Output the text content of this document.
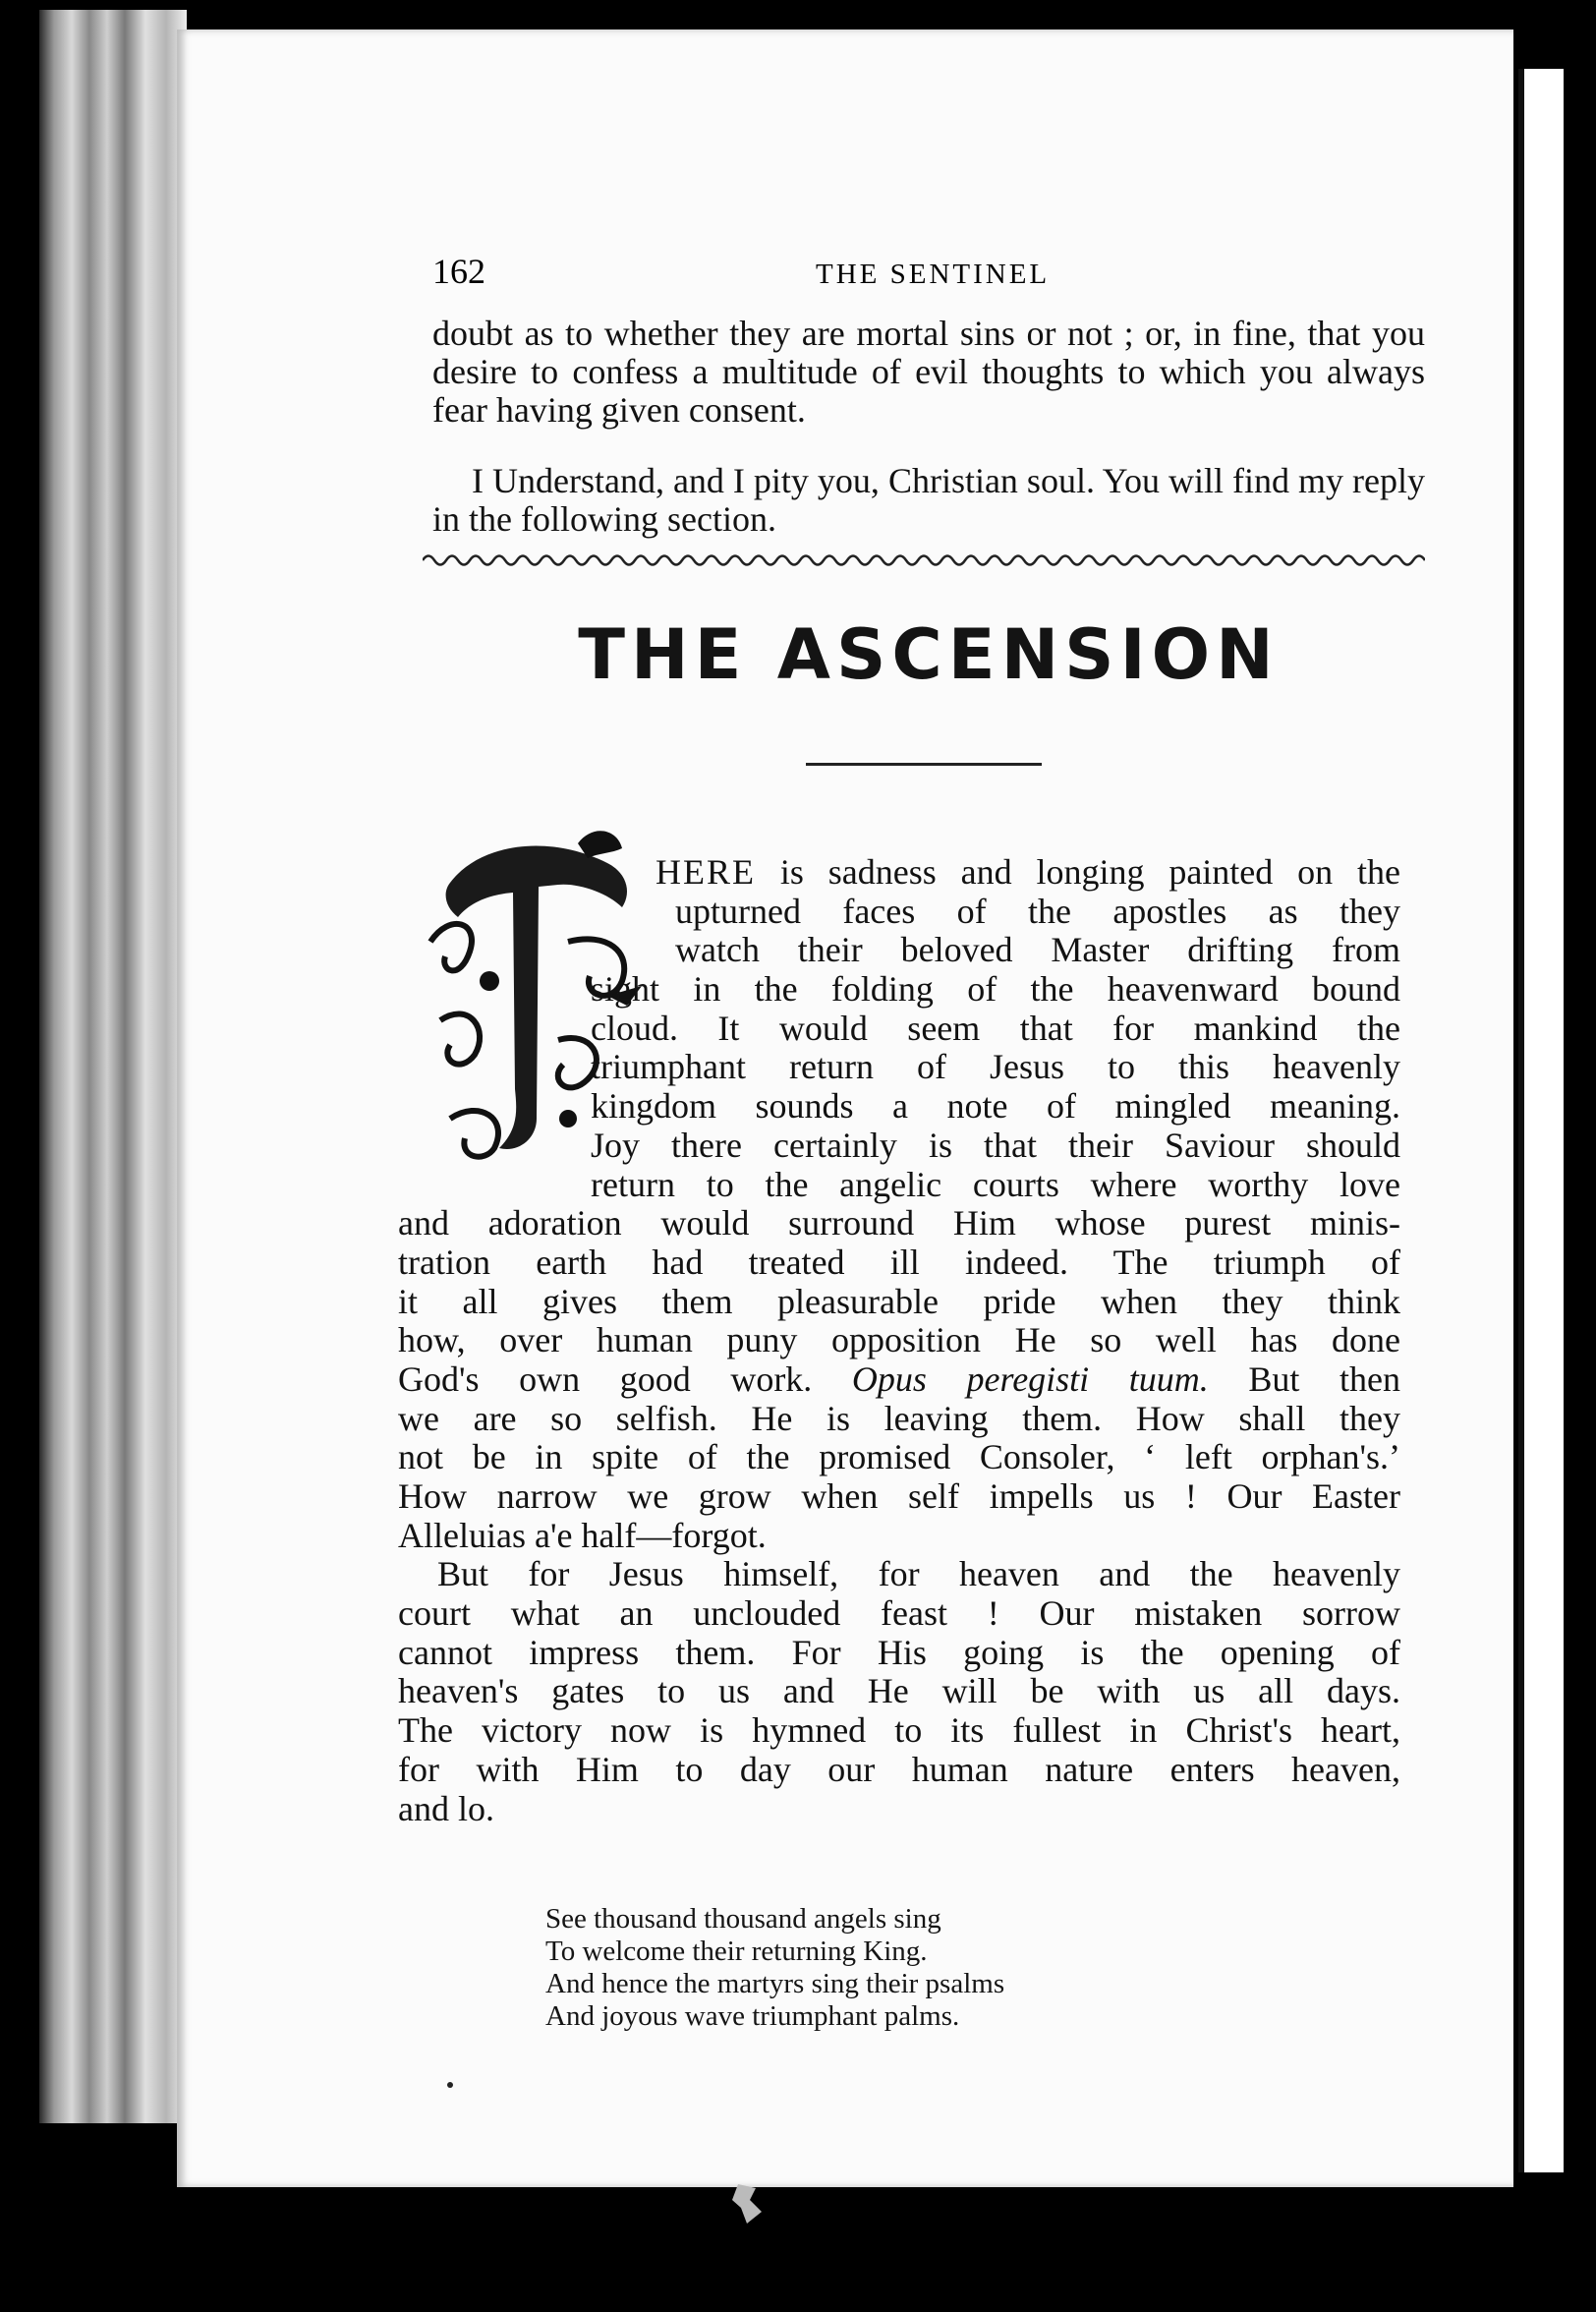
162	THE SENTINEL
doubt as to whether they are mortal sins or not ; or, in fine, that you desire to confess a multitude of evil thoughts to which you always fear having given consent.
I Understand, and I pity you, Christian soul. You will find my reply in the following section.
THE ASCENSION
HERE is sadness and longing painted on the
upturned faces of the apostles as they
watch their beloved Master drifting from
sight in the folding of the heavenward bound
cloud. It would seem that for mankind the
triumphant return of Jesus to this heavenly
kingdom sounds a note of mingled meaning.
Joy there certainly is that their Saviour should
return to the angelic courts where worthy love
and adoration would surround Him whose purest minis-
tration earth had treated ill indeed. The triumph of
it all gives them pleasurable pride when they think
how, over human puny opposition He so well has done
God's own good work. Opus peregisti tuum. But then
we are so selfish. He is leaving them. How shall they
not be in spite of the promised Consoler, ‘ left orphan's.’
How narrow we grow when self impells us ! Our Easter
Alleluias a'e half—forgot.
But for Jesus himself, for heaven and the heavenly
court what an unclouded feast ! Our mistaken sorrow
cannot impress them. For His going is the opening of
heaven's gates to us and He will be with us all days.
The victory now is hymned to its fullest in Christ's heart,
for with Him to day our human nature enters heaven,
and lo.
See thousand thousand angels sing
To welcome their returning King.
And hence the martyrs sing their psalms
And joyous wave triumphant palms.
